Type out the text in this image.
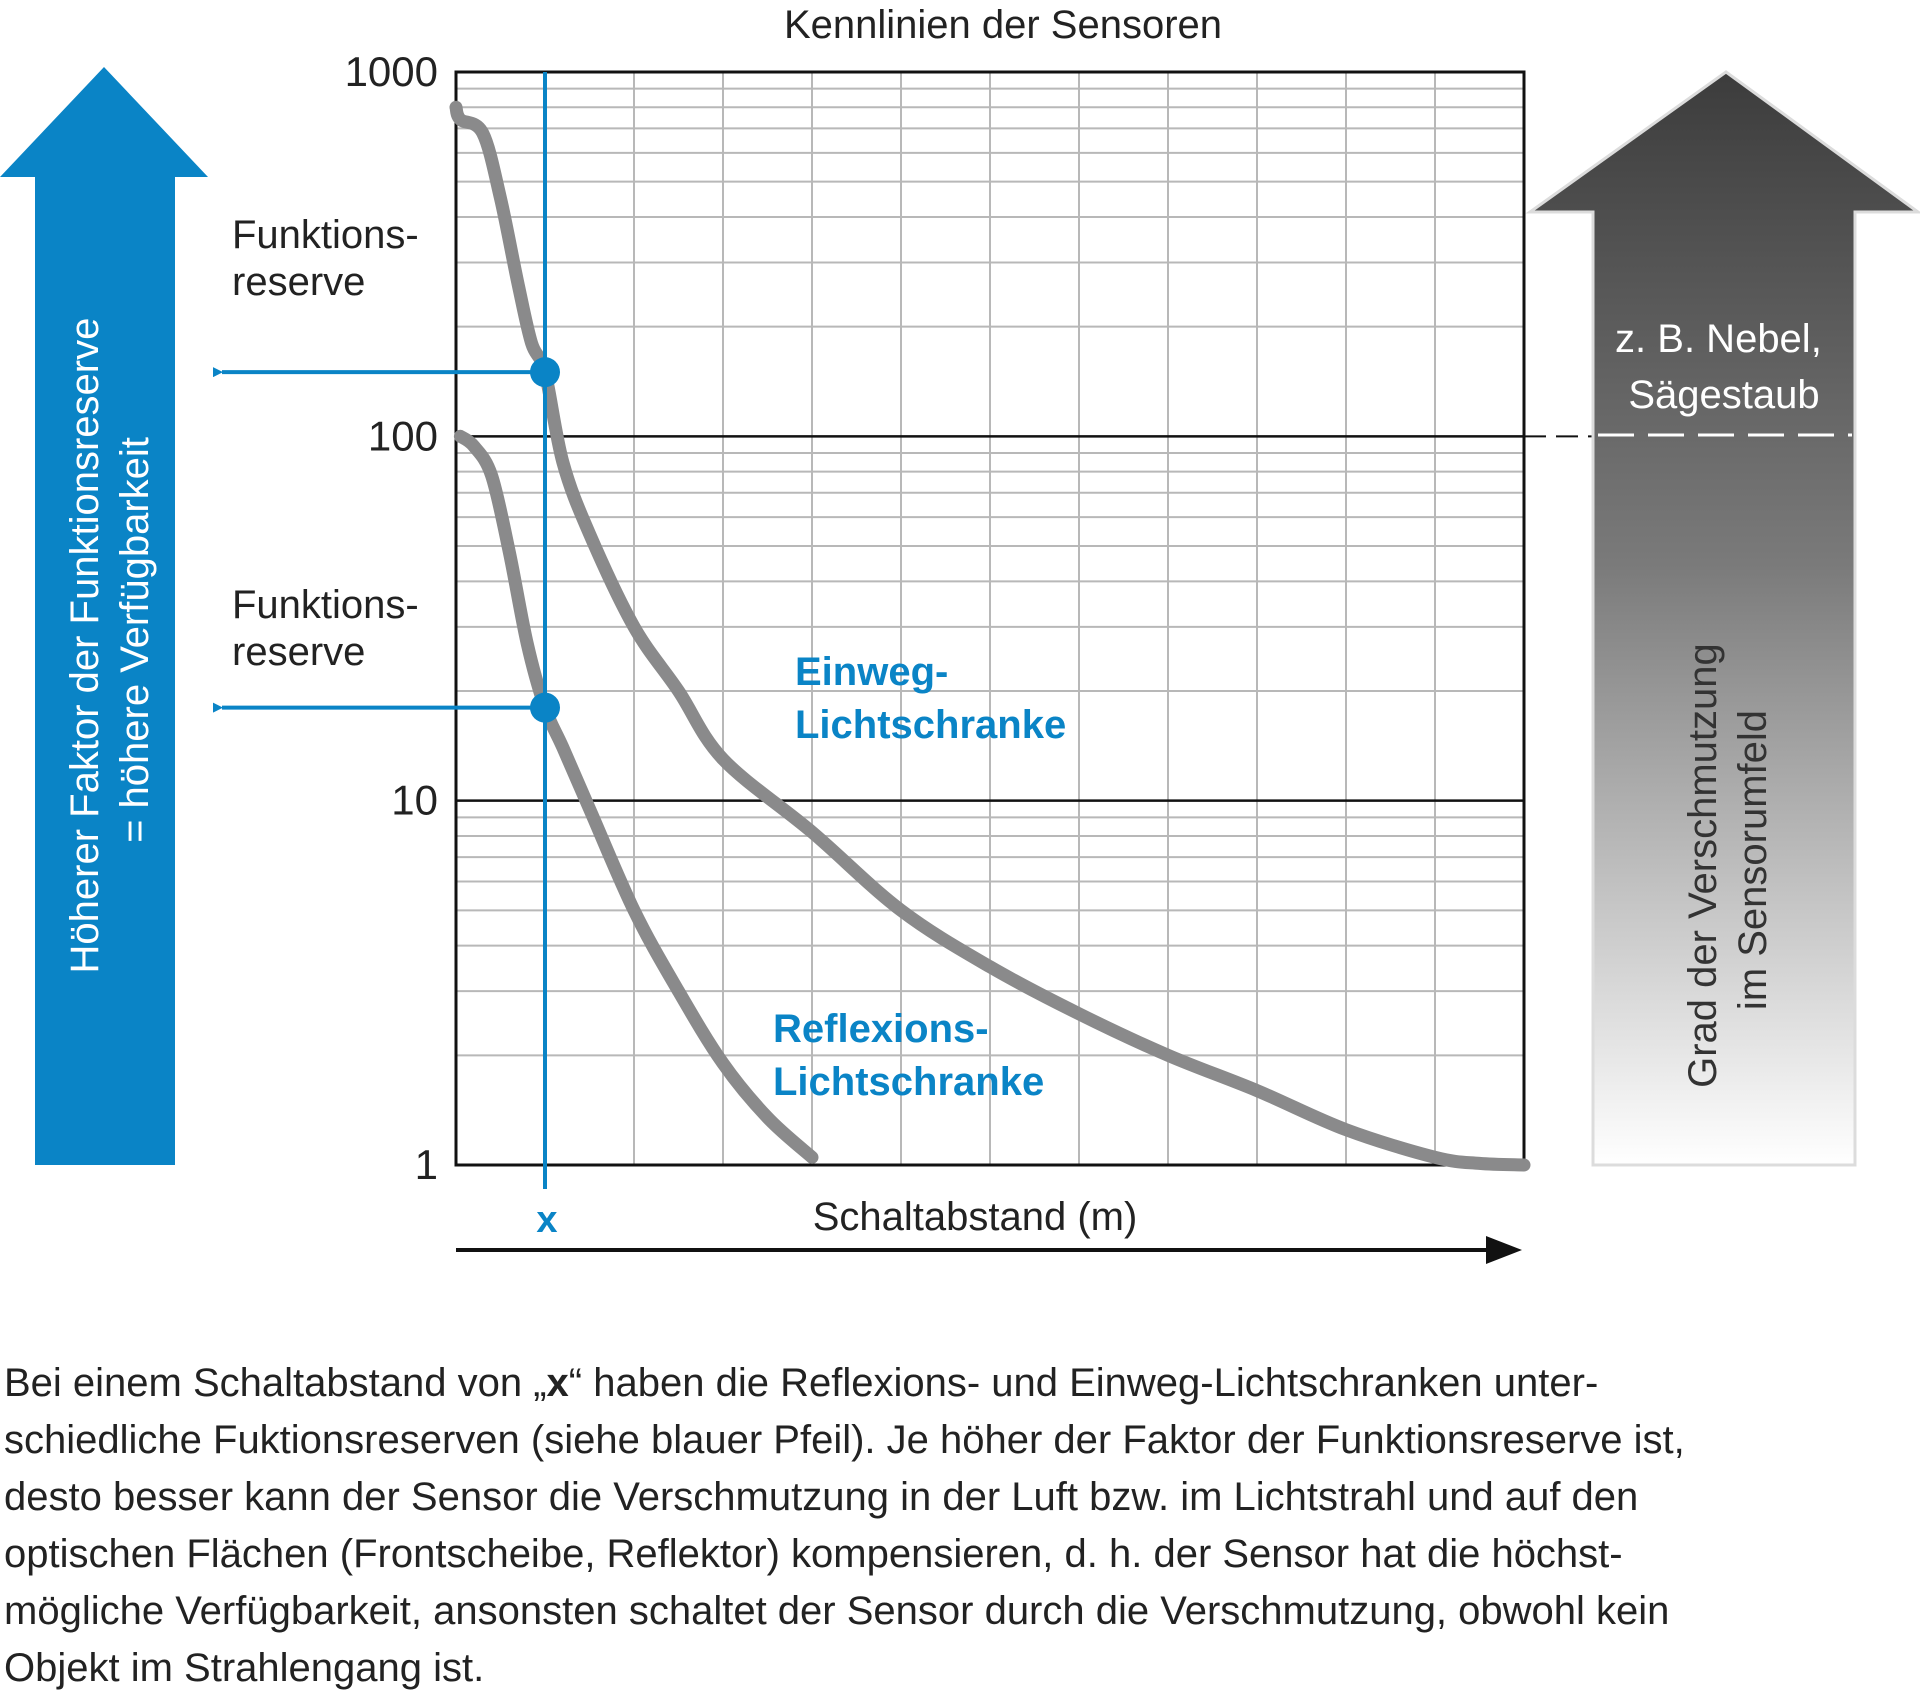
Kennlinien der Sensoren
1
10
100
1000
Einweg-Lichtschranke
Reflexions-Lichtschranke
Funktions-reserve
Funktions-reserve
Höherer Faktor der Funktionsreserve = höhere Verfügbarkeit
z. B. Nebel, Sägestaub
Grad der Verschmutzung im Sensorumfeld
Schaltabstand (m)
x
Bei einem Schaltabstand von „x“ haben die Reflexions- und Einweg-Lichtschranken unter-
schiedliche Fuktionsreserven (siehe blauer Pfeil). Je höher der Faktor der Funktionsreserve ist,
desto besser kann der Sensor die Verschmutzung in der Luft bzw. im Lichtstrahl und auf den
optischen Flächen (Frontscheibe, Reflektor) kompensieren, d. h. der Sensor hat die höchst-
mögliche Verfügbarkeit, ansonsten schaltet der Sensor durch die Verschmutzung, obwohl kein
Objekt im Strahlengang ist.
